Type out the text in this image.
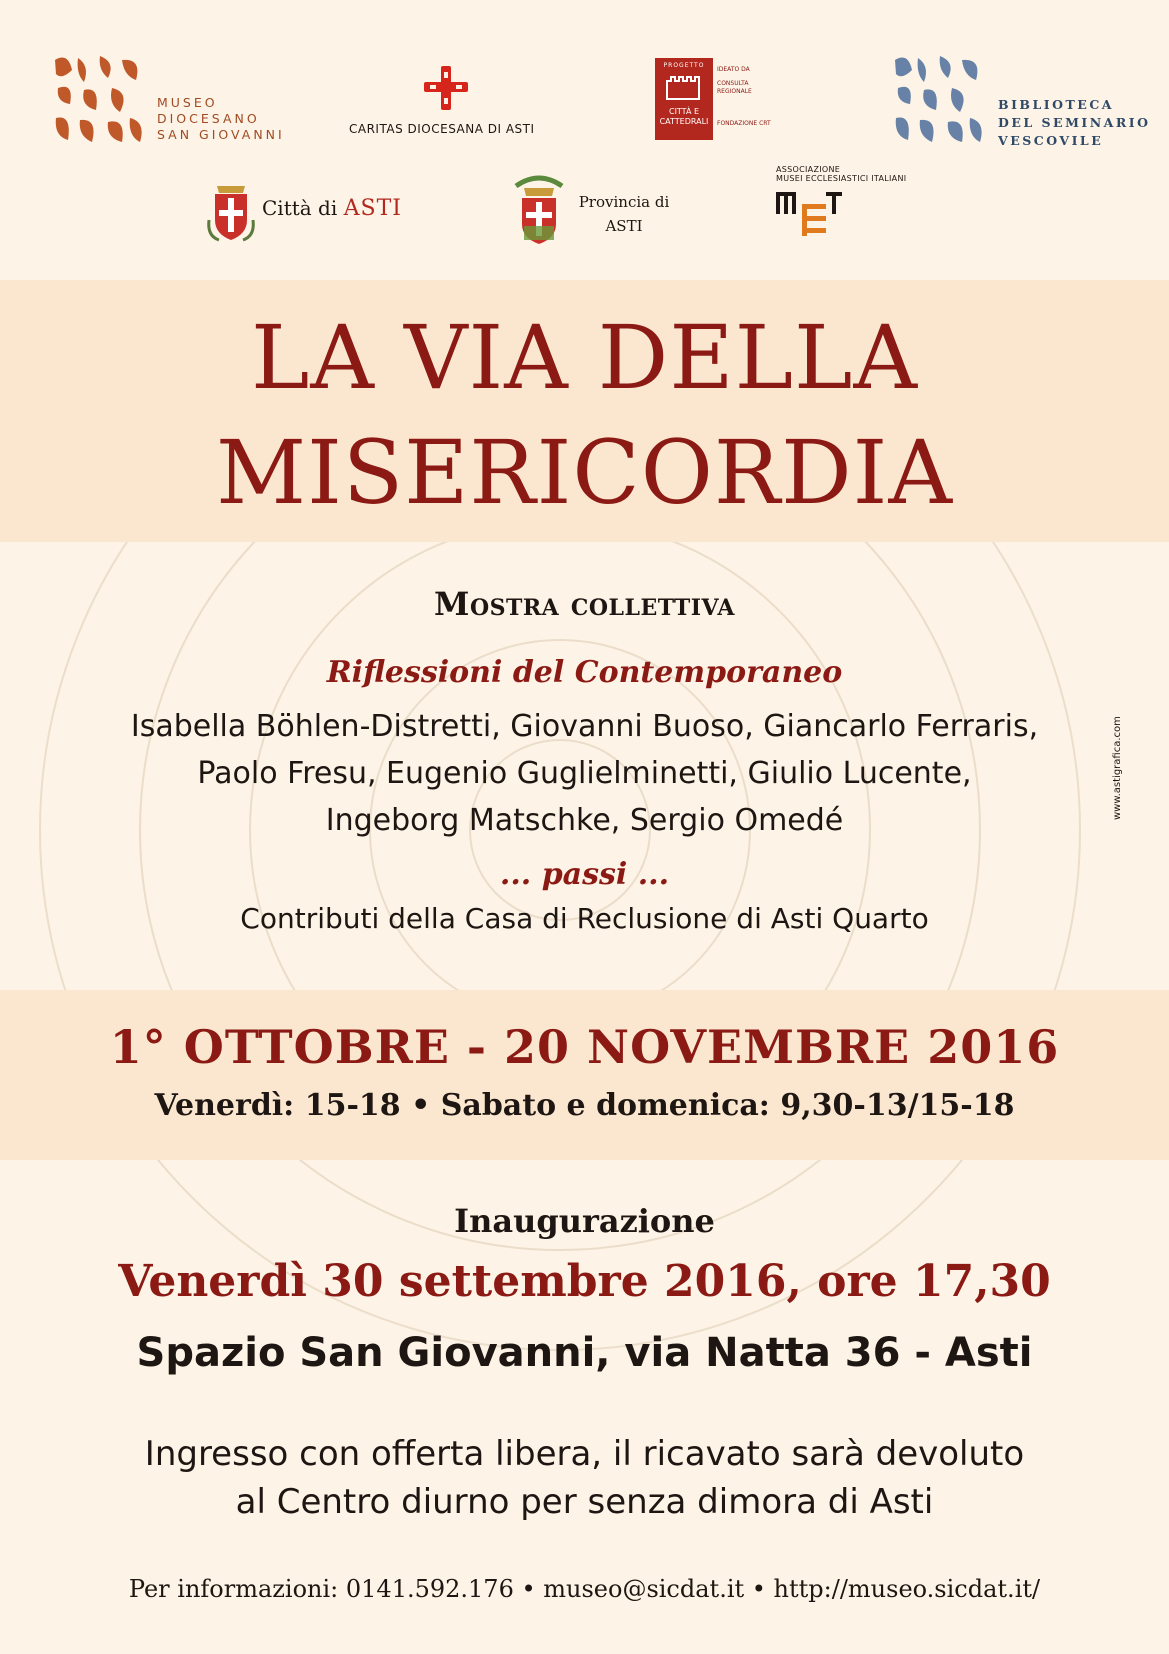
MUSEO
DIOCESANO
SAN GIOVANNI	CARITAS DIOCESANA DI ASTI
PROGETTO
CITTÀ E
CATTEDRALI
IDEATO DA
CONSULTA REGIONALE
FONDAZIONE CRT
BIBLIOTECA
DEL SEMINARIO
VESCOVILE
Città di ASTI	Provincia di
ASTI
ASSOCIAZIONE
MUSEI ECCLESIASTICI ITALIANI
LA VIA DELLA
MISERICORDIA
Mostra collettiva
Riflessioni del Contemporaneo
Isabella Böhlen-Distretti, Giovanni Buoso, Giancarlo Ferraris,
Paolo Fresu, Eugenio Guglielminetti, Giulio Lucente,
Ingeborg Matschke, Sergio Omedé
... passi ...
Contributi della Casa di Reclusione di Asti Quarto
1° OTTOBRE - 20 NOVEMBRE 2016
Venerdì: 15-18 • Sabato e domenica: 9,30-13/15-18
Inaugurazione
Venerdì 30 settembre 2016, ore 17,30
Spazio San Giovanni, via Natta 36 - Asti
Ingresso con offerta libera, il ricavato sarà devoluto
al Centro diurno per senza dimora di Asti
Per informazioni: 0141.592.176 • museo@sicdat.it • http://museo.sicdat.it/
www.astigrafica.com
